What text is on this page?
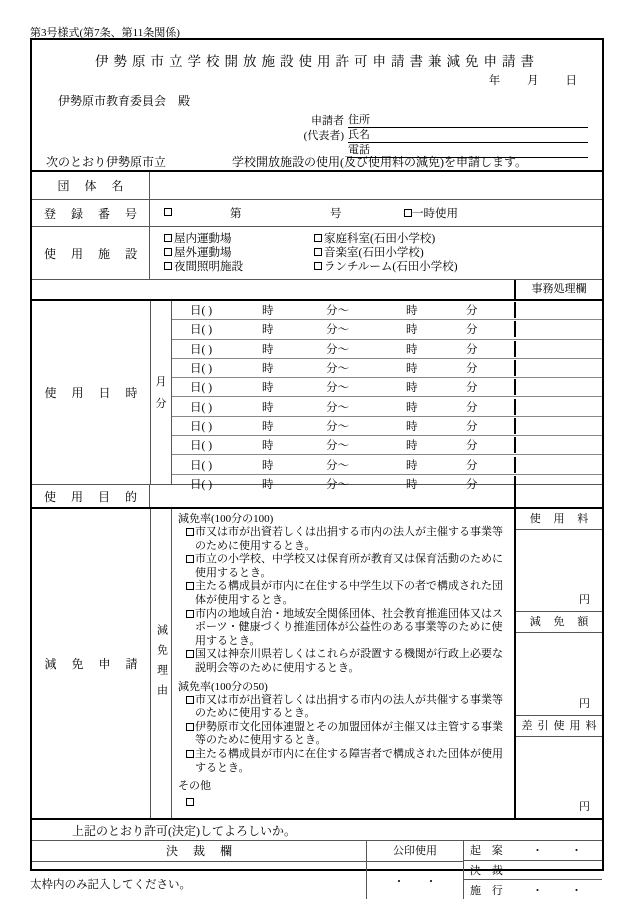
第3号様式(第7条、第11条関係)
伊勢原市立学校開放施設使用許可申請書兼減免申請書
年 月 日
伊勢原市教育委員会 殿
申請者 住所
(代表者) 氏名
電話
次のとおり伊勢原市立	学校開放施設の使用(及び使用料の減免)を申請します。
団 体 名
登 録 番 号	第	号	一時使用
使 用 施 設
屋内運動場
屋外運動場
夜間照明施設
家庭科室(石田小学校)
音楽室(石田小学校)
ランチルーム(石田小学校)
事務処理欄
使 用 日 時
月
分
日( )	時	分～	時	分
日( )	時	分～	時	分
日( )	時	分～	時	分
日( )	時	分～	時	分
日( )	時	分～	時	分
日( )	時	分～	時	分
日( )	時	分～	時	分
日( )	時	分～	時	分
日( )	時	分～	時	分
日( )	時	分～	時	分
使 用 目 的
減 免 申 請	減免理由
減免率(100分の100)
市又は市が出資若しくは出捐する市内の法人が主催する事業等のために使用するとき。
市立の小学校、中学校又は保育所が教育又は保育活動のために使用するとき。
主たる構成員が市内に在住する中学生以下の者で構成された団体が使用するとき。
市内の地域自治・地域安全関係団体、社会教育推進団体又はスポーツ・健康づくり推進団体が公益性のある事業等のために使用するとき。
国又は神奈川県若しくはこれらが設置する機関が行政上必要な説明会等のために使用するとき。
減免率(100分の50)
市又は市が出資若しくは出捐する市内の法人が共催する事業等のために使用するとき。
伊勢原市文化団体連盟とその加盟団体が主催又は主管する事業等のために使用するとき。
主たる構成員が市内に在住する障害者で構成された団体が使用するとき。
その他
使 用 料
円
減 免 額
円
差引使用料
円
上記のとおり許可(決定)してよろしいか。
決 裁 欄	公印使用
・ ・
起 案	・	・
決 裁	・	・
施 行	・	・
太枠内のみ記入してください。
